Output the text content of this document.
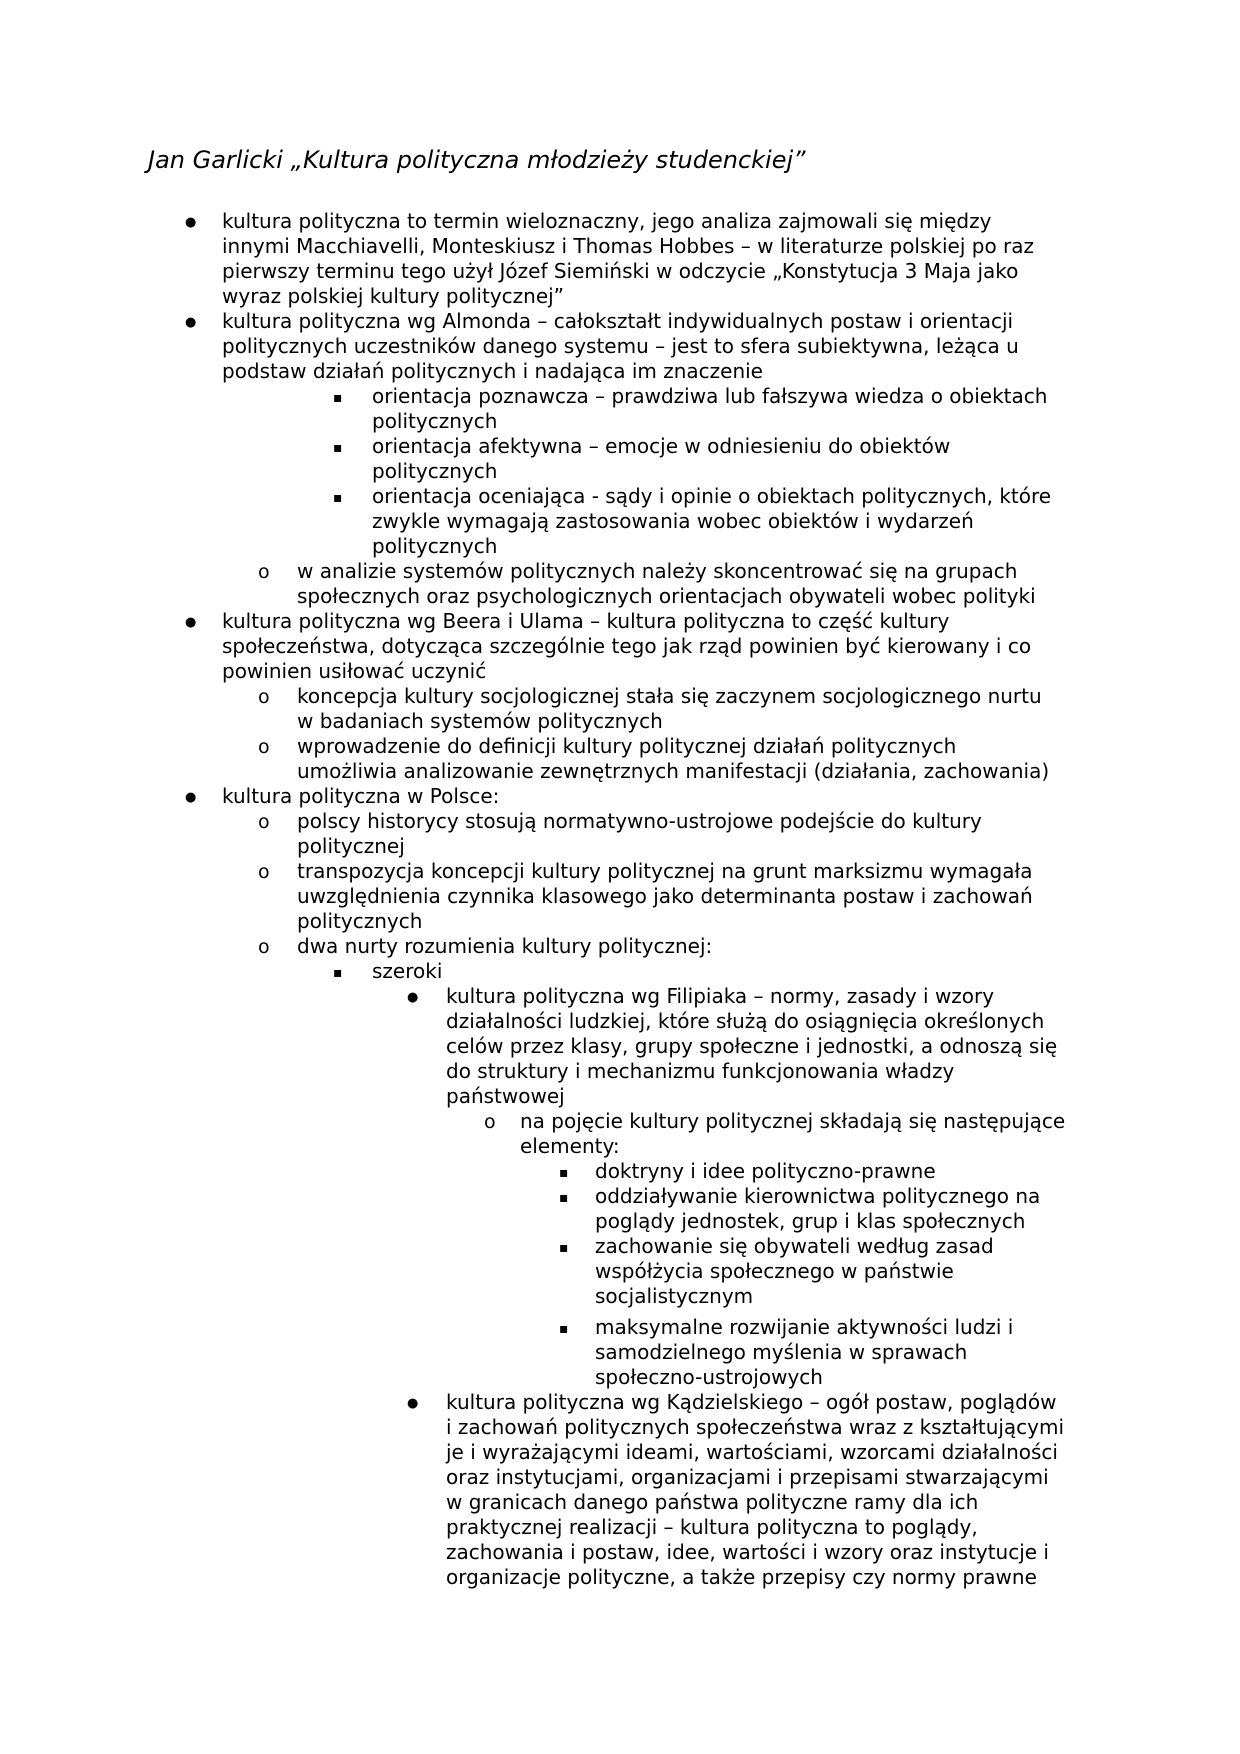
Jan Garlicki „Kultura polityczna młodzieży studenckiej”
●
kultura polityczna to termin wieloznaczny, jego analiza zajmowali się między
innymi Macchiavelli, Monteskiusz i Thomas Hobbes – w literaturze polskiej po raz
pierwszy terminu tego użył Józef Siemiński w odczycie „Konstytucja 3 Maja jako
wyraz polskiej kultury politycznej”
●
kultura polityczna wg Almonda – całokształt indywidualnych postaw i orientacji
politycznych uczestników danego systemu – jest to sfera subiektywna, leżąca u
podstaw działań politycznych i nadająca im znaczenie
▪
orientacja poznawcza – prawdziwa lub fałszywa wiedza o obiektach
politycznych
▪
orientacja afektywna – emocje w odniesieniu do obiektów
politycznych
▪
orientacja oceniająca - sądy i opinie o obiektach politycznych, które
zwykle wymagają zastosowania wobec obiektów i wydarzeń
politycznych
o
w analizie systemów politycznych należy skoncentrować się na grupach
społecznych oraz psychologicznych orientacjach obywateli wobec polityki
●
kultura polityczna wg Beera i Ulama – kultura polityczna to część kultury
społeczeństwa, dotycząca szczególnie tego jak rząd powinien być kierowany i co
powinien usiłować uczynić
o
koncepcja kultury socjologicznej stała się zaczynem socjologicznego nurtu
w badaniach systemów politycznych
o
wprowadzenie do definicji kultury politycznej działań politycznych
umożliwia analizowanie zewnętrznych manifestacji (działania, zachowania)
●
kultura polityczna w Polsce:
o
polscy historycy stosują normatywno-ustrojowe podejście do kultury
politycznej
o
transpozycja koncepcji kultury politycznej na grunt marksizmu wymagała
uwzględnienia czynnika klasowego jako determinanta postaw i zachowań
politycznych
o
dwa nurty rozumienia kultury politycznej:
▪
szeroki
●
kultura polityczna wg Filipiaka – normy, zasady i wzory
działalności ludzkiej, które służą do osiągnięcia określonych
celów przez klasy, grupy społeczne i jednostki, a odnoszą się
do struktury i mechanizmu funkcjonowania władzy
państwowej
o
na pojęcie kultury politycznej składają się następujące
elementy:
▪
doktryny i idee polityczno-prawne
▪
oddziaływanie kierownictwa politycznego na
poglądy jednostek, grup i klas społecznych
▪
zachowanie się obywateli według zasad
współżycia społecznego w państwie
socjalistycznym
▪
maksymalne rozwijanie aktywności ludzi i
samodzielnego myślenia w sprawach
społeczno-ustrojowych
●
kultura polityczna wg Kądzielskiego – ogół postaw, poglądów
i zachowań politycznych społeczeństwa wraz z kształtującymi
je i wyrażającymi ideami, wartościami, wzorcami działalności
oraz instytucjami, organizacjami i przepisami stwarzającymi
w granicach danego państwa polityczne ramy dla ich
praktycznej realizacji – kultura polityczna to poglądy,
zachowania i postaw, idee, wartości i wzory oraz instytucje i
organizacje polityczne, a także przepisy czy normy prawne
